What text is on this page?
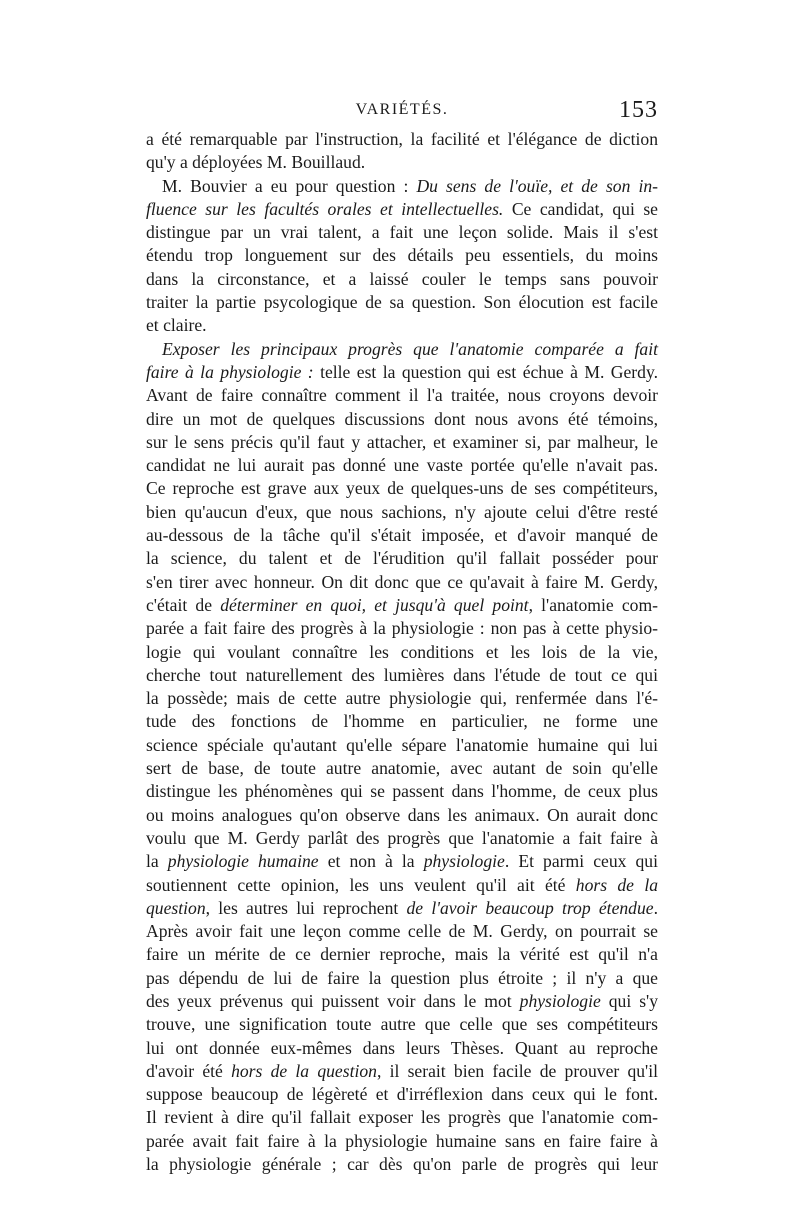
VARIÉTÉS.	153
a été remarquable par l'instruction, la facilité et l'élégance de diction
qu'y a déployées M. Bouillaud.
M. Bouvier a eu pour question : Du sens de l'ouïe, et de son in-
fluence sur les facultés orales et intellectuelles. Ce candidat, qui se
distingue par un vrai talent, a fait une leçon solide. Mais il s'est
étendu trop longuement sur des détails peu essentiels, du moins
dans la circonstance, et a laissé couler le temps sans pouvoir
traiter la partie psycologique de sa question. Son élocution est facile
et claire.
Exposer les principaux progrès que l'anatomie comparée a fait
faire à la physiologie : telle est la question qui est échue à M. Gerdy.
Avant de faire connaître comment il l'a traitée, nous croyons devoir
dire un mot de quelques discussions dont nous avons été témoins,
sur le sens précis qu'il faut y attacher, et examiner si, par malheur, le
candidat ne lui aurait pas donné une vaste portée qu'elle n'avait pas.
Ce reproche est grave aux yeux de quelques-uns de ses compétiteurs,
bien qu'aucun d'eux, que nous sachions, n'y ajoute celui d'être resté
au-dessous de la tâche qu'il s'était imposée, et d'avoir manqué de
la science, du talent et de l'érudition qu'il fallait posséder pour
s'en tirer avec honneur. On dit donc que ce qu'avait à faire M. Gerdy,
c'était de déterminer en quoi, et jusqu'à quel point, l'anatomie com-
parée a fait faire des progrès à la physiologie : non pas à cette physio-
logie qui voulant connaître les conditions et les lois de la vie,
cherche tout naturellement des lumières dans l'étude de tout ce qui
la possède; mais de cette autre physiologie qui, renfermée dans l'é-
tude des fonctions de l'homme en particulier, ne forme une
science spéciale qu'autant qu'elle sépare l'anatomie humaine qui lui
sert de base, de toute autre anatomie, avec autant de soin qu'elle
distingue les phénomènes qui se passent dans l'homme, de ceux plus
ou moins analogues qu'on observe dans les animaux. On aurait donc
voulu que M. Gerdy parlât des progrès que l'anatomie a fait faire à
la physiologie humaine et non à la physiologie. Et parmi ceux qui
soutiennent cette opinion, les uns veulent qu'il ait été hors de la
question, les autres lui reprochent de l'avoir beaucoup trop étendue.
Après avoir fait une leçon comme celle de M. Gerdy, on pourrait se
faire un mérite de ce dernier reproche, mais la vérité est qu'il n'a
pas dépendu de lui de faire la question plus étroite ; il n'y a que
des yeux prévenus qui puissent voir dans le mot physiologie qui s'y
trouve, une signification toute autre que celle que ses compétiteurs
lui ont donnée eux-mêmes dans leurs Thèses. Quant au reproche
d'avoir été hors de la question, il serait bien facile de prouver qu'il
suppose beaucoup de légèreté et d'irréflexion dans ceux qui le font.
Il revient à dire qu'il fallait exposer les progrès que l'anatomie com-
parée avait fait faire à la physiologie humaine sans en faire faire à
la physiologie générale ; car dès qu'on parle de progrès qui leur
